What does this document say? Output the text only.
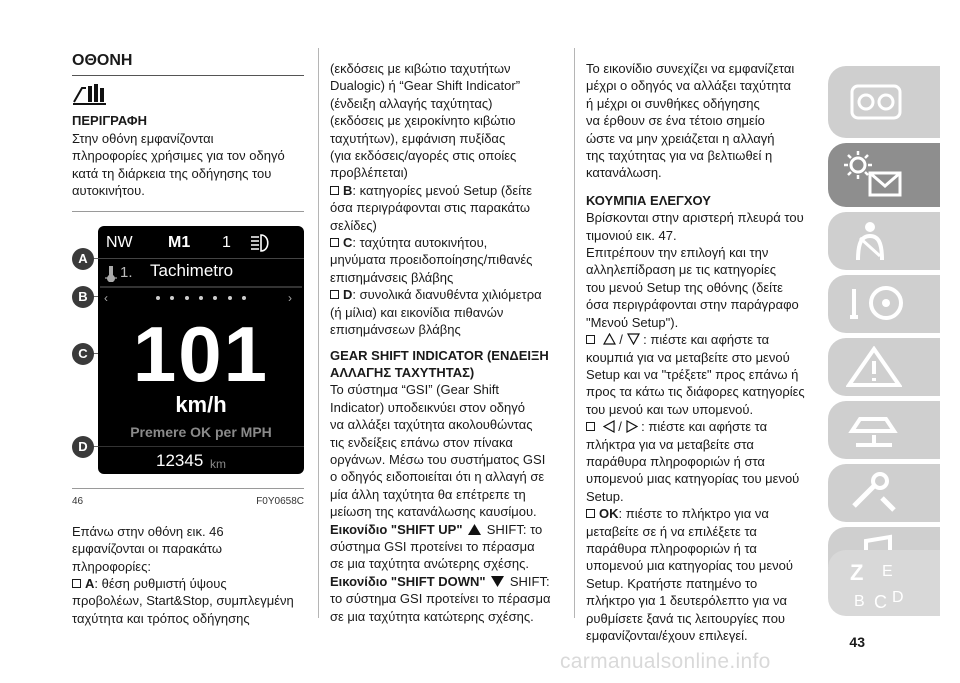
ΟΘΟΝΗ
ΠΕΡΙΓΡΑΦΗ
Στην οθόνη εμφανίζονται
πληροφορίες χρήσιμες για τον οδηγό
κατά τη διάρκεια της οδήγησης του
αυτοκινήτου.
NW M1 1
1. Tachimetro
‹	›
101
km/h
Premere OK per MPH
12345 km
A
B
C
D
46	F0Y0658C
Επάνω στην οθόνη εικ. 46
εμφανίζονται οι παρακάτω
πληροφορίες:
A: θέση ρυθμιστή ύψους
προβολέων, Start&Stop, συμπλεγμένη
ταχύτητα και τρόπος οδήγησης
(εκδόσεις με κιβώτιο ταχυτήτων
Dualogic) ή “Gear Shift Indicator”
(ένδειξη αλλαγής ταχύτητας)
(εκδόσεις με χειροκίνητο κιβώτιο
ταχυτήτων), εμφάνιση πυξίδας
(για εκδόσεις/αγορές στις οποίες
προβλέπεται)
B: κατηγορίες μενού Setup (δείτε
όσα περιγράφονται στις παρακάτω
σελίδες)
C: ταχύτητα αυτοκινήτου,
μηνύματα προειδοποίησης/πιθανές
επισημάνσεις βλάβης
D: συνολικά διανυθέντα χιλιόμετρα
(ή μίλια) και εικονίδια πιθανών
επισημάνσεων βλάβης
GEAR SHIFT INDICATOR (ΕΝΔΕΙΞΗ
ΑΛΛΑΓΗΣ ΤΑΧΥΤΗΤΑΣ)
Το σύστημα “GSI” (Gear Shift
Indicator) υποδεικνύει στον οδηγό
να αλλάξει ταχύτητα ακολουθώντας
τις ενδείξεις επάνω στον πίνακα
οργάνων. Μέσω του συστήματος GSI
ο οδηγός ειδοποιείται ότι η αλλαγή σε
μία άλλη ταχύτητα θα επέτρεπε τη
μείωση της κατανάλωσης καυσίμου.
Εικονίδιο "SHIFT UP" SHIFT: το
σύστημα GSI προτείνει το πέρασμα
σε μια ταχύτητα ανώτερης σχέσης.
Εικονίδιο "SHIFT DOWN" SHIFT:
το σύστημα GSI προτείνει το πέρασμα
σε μια ταχύτητα κατώτερης σχέσης.
Το εικονίδιο συνεχίζει να εμφανίζεται
μέχρι ο οδηγός να αλλάξει ταχύτητα
ή μέχρι οι συνθήκες οδήγησης
να έρθουν σε ένα τέτοιο σημείο
ώστε να μην χρειάζεται η αλλαγή
της ταχύτητας για να βελτιωθεί η
κατανάλωση.
ΚΟΥΜΠΙΑ ΕΛΕΓΧΟΥ
Βρίσκονται στην αριστερή πλευρά του
τιμονιού εικ. 47.
Επιτρέπουν την επιλογή και την
αλληλεπίδραση με τις κατηγορίες
του μενού Setup της οθόνης (δείτε
όσα περιγράφονται στην παράγραφο
"Μενού Setup").
/ : πιέστε και αφήστε τα
κουμπιά για να μεταβείτε στο μενού
Setup και να "τρέξετε" προς επάνω ή
προς τα κάτω τις διάφορες κατηγορίες
του μενού και των υπομενού.
/ : πιέστε και αφήστε τα
πλήκτρα για να μεταβείτε στα
παράθυρα πληροφοριών ή στα
υπομενού μιας κατηγορίας του μενού
Setup.
OK: πιέστε το πλήκτρο για να
μεταβείτε σε ή να επιλέξετε τα
παράθυρα πληροφοριών ή τα
υπομενού μια κατηγορίας του μενού
Setup. Κρατήστε πατημένο το
πλήκτρο για 1 δευτερόλεπτο για να
ρυθμίσετε ξανά τις λειτουργίες που
εμφανίζονται/έχουν επιλεγεί.
Z E
B C D
43
carmanualsonline.info
